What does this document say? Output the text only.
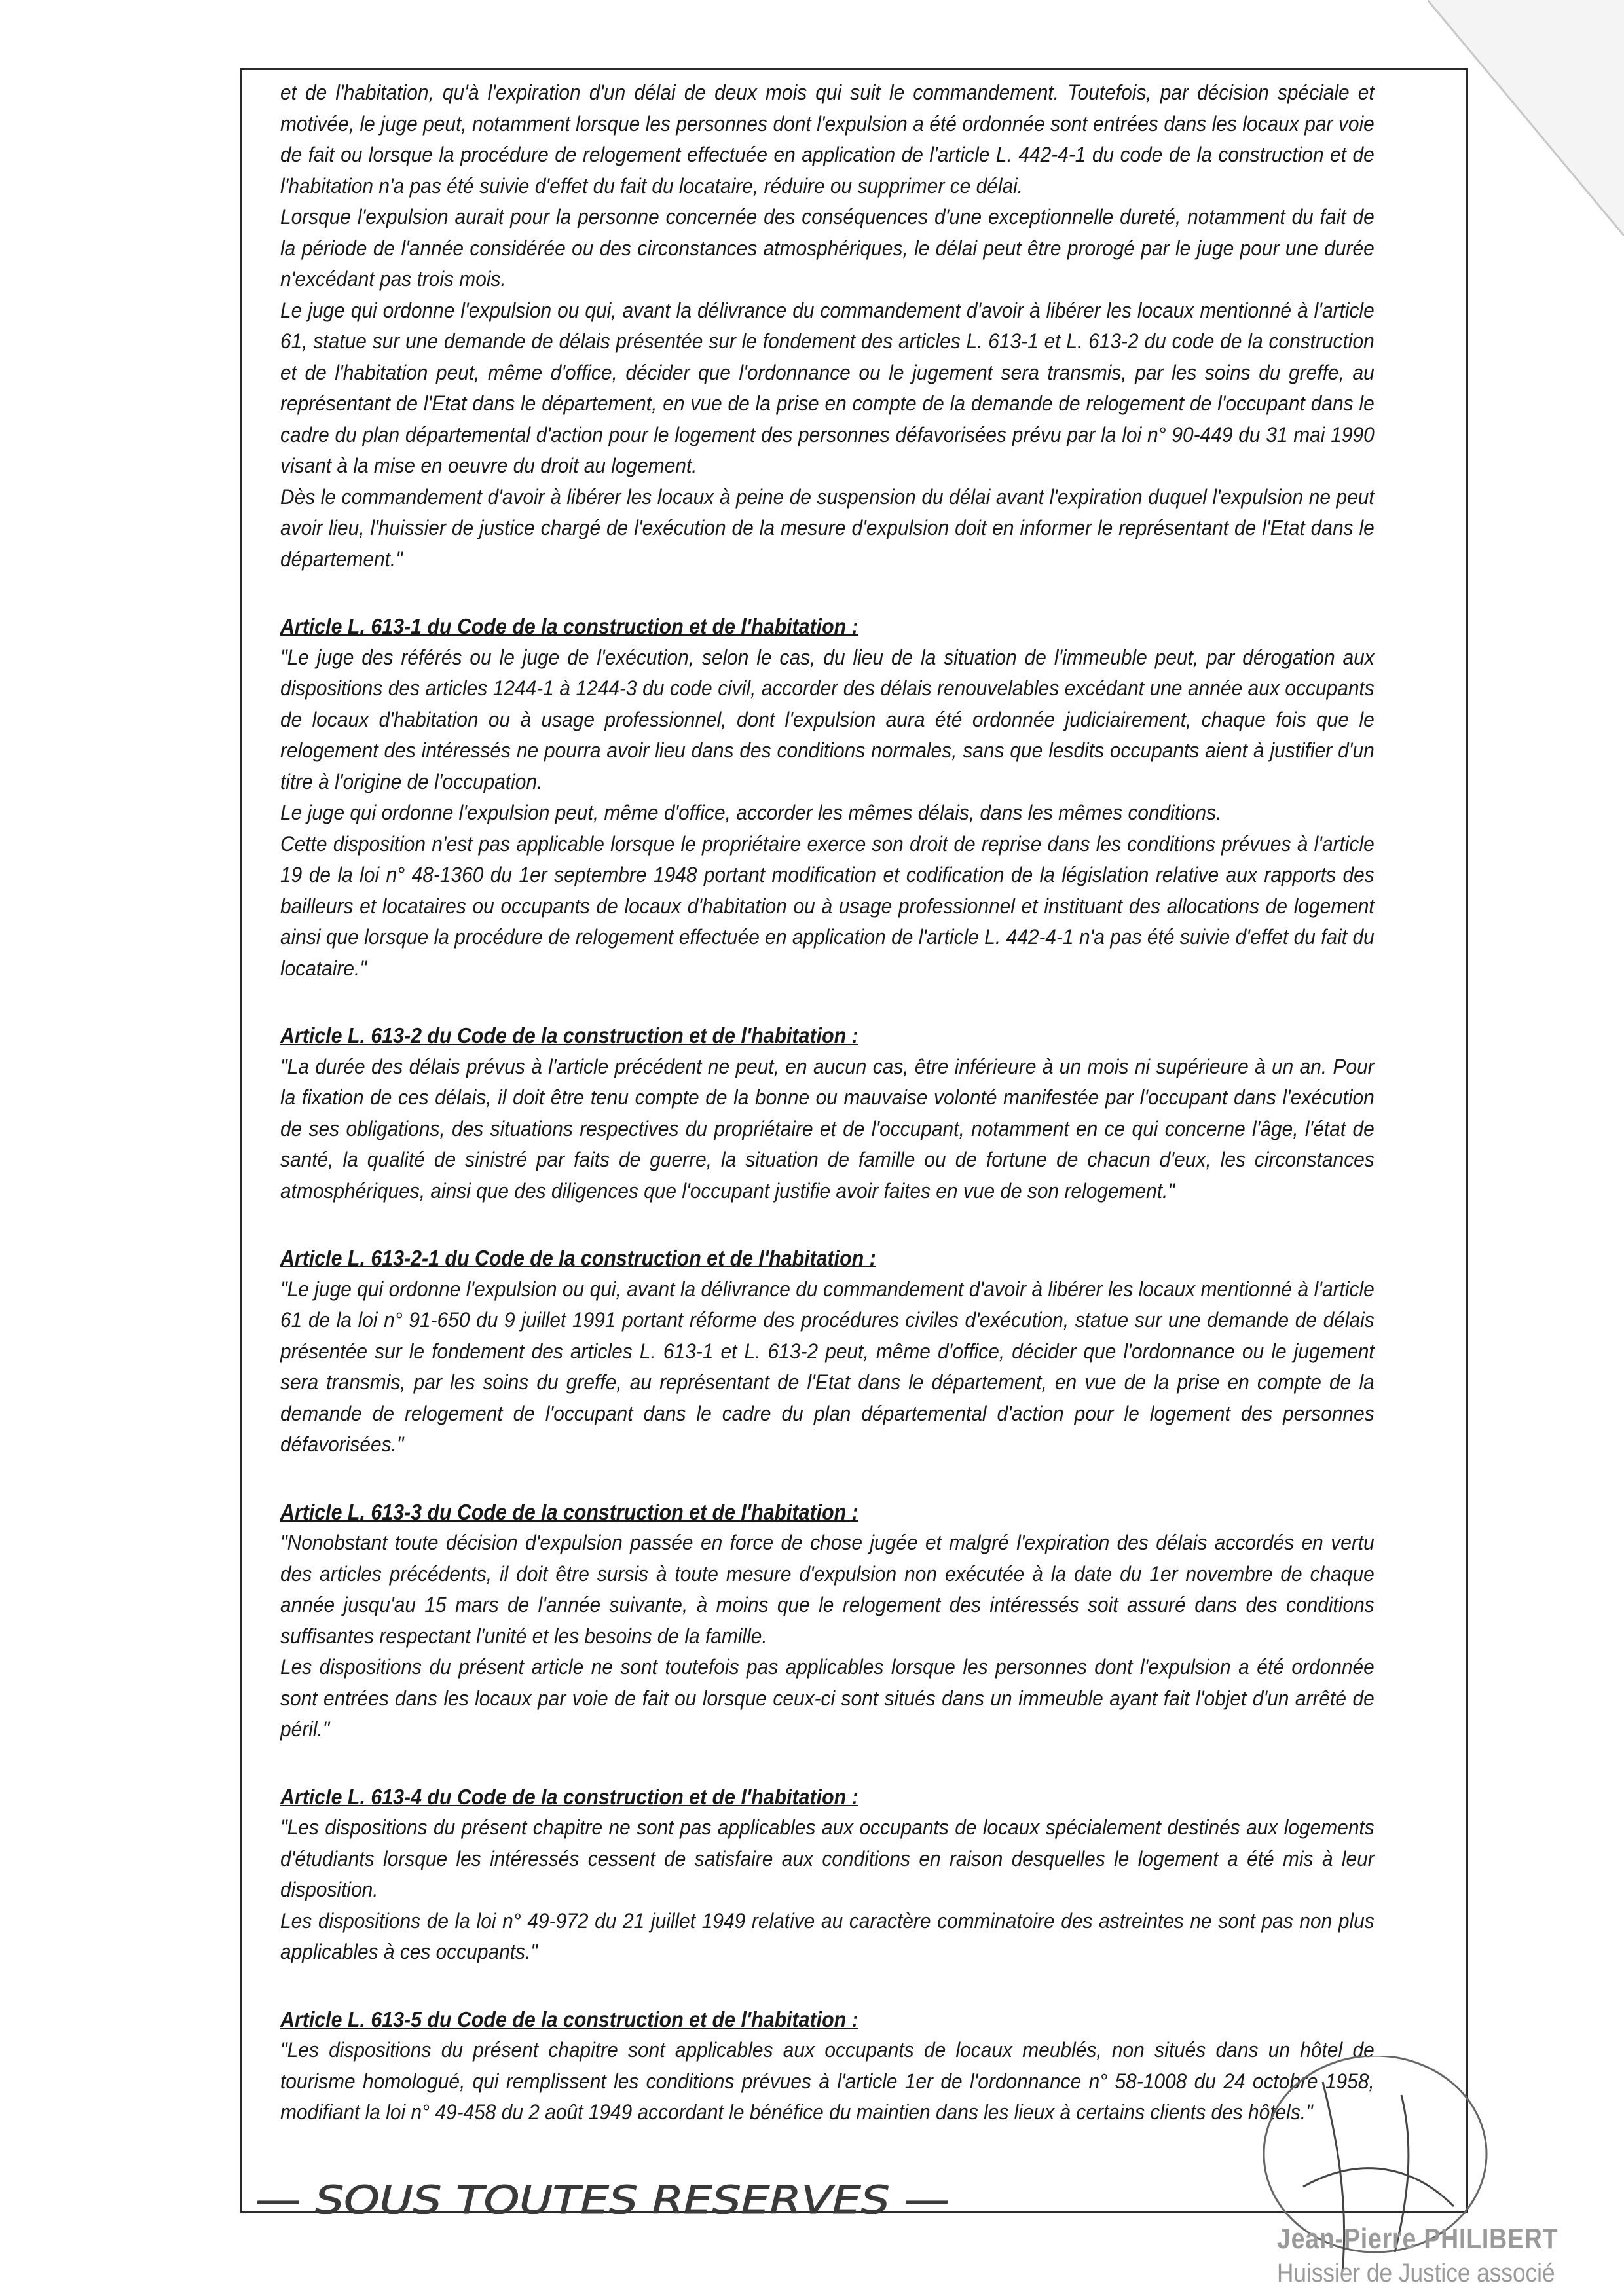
et de l'habitation, qu'à l'expiration d'un délai de deux mois qui suit le commandement. Toutefois, par décision spéciale et motivée, le juge peut, notamment lorsque les personnes dont l'expulsion a été ordonnée sont entrées dans les locaux par voie de fait ou lorsque la procédure de relogement effectuée en application de l'article L. 442-4-1 du code de la construction et de l'habitation n'a pas été suivie d'effet du fait du locataire, réduire ou supprimer ce délai.

Lorsque l'expulsion aurait pour la personne concernée des conséquences d'une exceptionnelle dureté, notamment du fait de la période de l'année considérée ou des circonstances atmosphériques, le délai peut être prorogé par le juge pour une durée n'excédant pas trois mois.

Le juge qui ordonne l'expulsion ou qui, avant la délivrance du commandement d'avoir à libérer les locaux mentionné à l'article 61, statue sur une demande de délais présentée sur le fondement des articles L. 613-1 et L. 613-2 du code de la construction et de l'habitation peut, même d'office, décider que l'ordonnance ou le jugement sera transmis, par les soins du greffe, au représentant de l'Etat dans le département, en vue de la prise en compte de la demande de relogement de l'occupant dans le cadre du plan départemental d'action pour le logement des personnes défavorisées prévu par la loi n° 90-449 du 31 mai 1990 visant à la mise en oeuvre du droit au logement.

Dès le commandement d'avoir à libérer les locaux à peine de suspension du délai avant l'expiration duquel l'expulsion ne peut avoir lieu, l'huissier de justice chargé de l'exécution de la mesure d'expulsion doit en informer le représentant de l'Etat dans le département."

Article L. 613-1 du Code de la construction et de l'habitation :

"Le juge des référés ou le juge de l'exécution, selon le cas, du lieu de la situation de l'immeuble peut, par dérogation aux dispositions des articles 1244-1 à 1244-3 du code civil, accorder des délais renouvelables excédant une année aux occupants de locaux d'habitation ou à usage professionnel, dont l'expulsion aura été ordonnée judiciairement, chaque fois que le relogement des intéressés ne pourra avoir lieu dans des conditions normales, sans que lesdits occupants aient à justifier d'un titre à l'origine de l'occupation.

Le juge qui ordonne l'expulsion peut, même d'office, accorder les mêmes délais, dans les mêmes conditions.

Cette disposition n'est pas applicable lorsque le propriétaire exerce son droit de reprise dans les conditions prévues à l'article 19 de la loi n° 48-1360 du 1er septembre 1948 portant modification et codification de la législation relative aux rapports des bailleurs et locataires ou occupants de locaux d'habitation ou à usage professionnel et instituant des allocations de logement ainsi que lorsque la procédure de relogement effectuée en application de l'article L. 442-4-1 n'a pas été suivie d'effet du fait du locataire."

Article L. 613-2 du Code de la construction et de l'habitation :

"La durée des délais prévus à l'article précédent ne peut, en aucun cas, être inférieure à un mois ni supérieure à un an. Pour la fixation de ces délais, il doit être tenu compte de la bonne ou mauvaise volonté manifestée par l'occupant dans l'exécution de ses obligations, des situations respectives du propriétaire et de l'occupant, notamment en ce qui concerne l'âge, l'état de santé, la qualité de sinistré par faits de guerre, la situation de famille ou de fortune de chacun d'eux, les circonstances atmosphériques, ainsi que des diligences que l'occupant justifie avoir faites en vue de son relogement."

Article L. 613-2-1 du Code de la construction et de l'habitation :

"Le juge qui ordonne l'expulsion ou qui, avant la délivrance du commandement d'avoir à libérer les locaux mentionné à l'article 61 de la loi n° 91-650 du 9 juillet 1991 portant réforme des procédures civiles d'exécution, statue sur une demande de délais présentée sur le fondement des articles L. 613-1 et L. 613-2 peut, même d'office, décider que l'ordonnance ou le jugement sera transmis, par les soins du greffe, au représentant de l'Etat dans le département, en vue de la prise en compte de la demande de relogement de l'occupant dans le cadre du plan départemental d'action pour le logement des personnes défavorisées."

Article L. 613-3 du Code de la construction et de l'habitation :

"Nonobstant toute décision d'expulsion passée en force de chose jugée et malgré l'expiration des délais accordés en vertu des articles précédents, il doit être sursis à toute mesure d'expulsion non exécutée à la date du 1er novembre de chaque année jusqu'au 15 mars de l'année suivante, à moins que le relogement des intéressés soit assuré dans des conditions suffisantes respectant l'unité et les besoins de la famille.

Les dispositions du présent article ne sont toutefois pas applicables lorsque les personnes dont l'expulsion a été ordonnée sont entrées dans les locaux par voie de fait ou lorsque ceux-ci sont situés dans un immeuble ayant fait l'objet d'un arrêté de péril."

Article L. 613-4 du Code de la construction et de l'habitation :

"Les dispositions du présent chapitre ne sont pas applicables aux occupants de locaux spécialement destinés aux logements d'étudiants lorsque les intéressés cessent de satisfaire aux conditions en raison desquelles le logement a été mis à leur disposition.

Les dispositions de la loi n° 49-972 du 21 juillet 1949 relative au caractère comminatoire des astreintes ne sont pas non plus applicables à ces occupants."

Article L. 613-5 du Code de la construction et de l'habitation :

"Les dispositions du présent chapitre sont applicables aux occupants de locaux meublés, non situés dans un hôtel de tourisme homologué, qui remplissent les conditions prévues à l'article 1er de l'ordonnance n° 58-1008 du 24 octobre 1958, modifiant la loi n° 49-458 du 2 août 1949 accordant le bénéfice du maintien dans les lieux à certains clients des hôtels."

— SOUS TOUTES RESERVES —
Jean-Pierre PHILIBERT
Huissier de Justice associé
